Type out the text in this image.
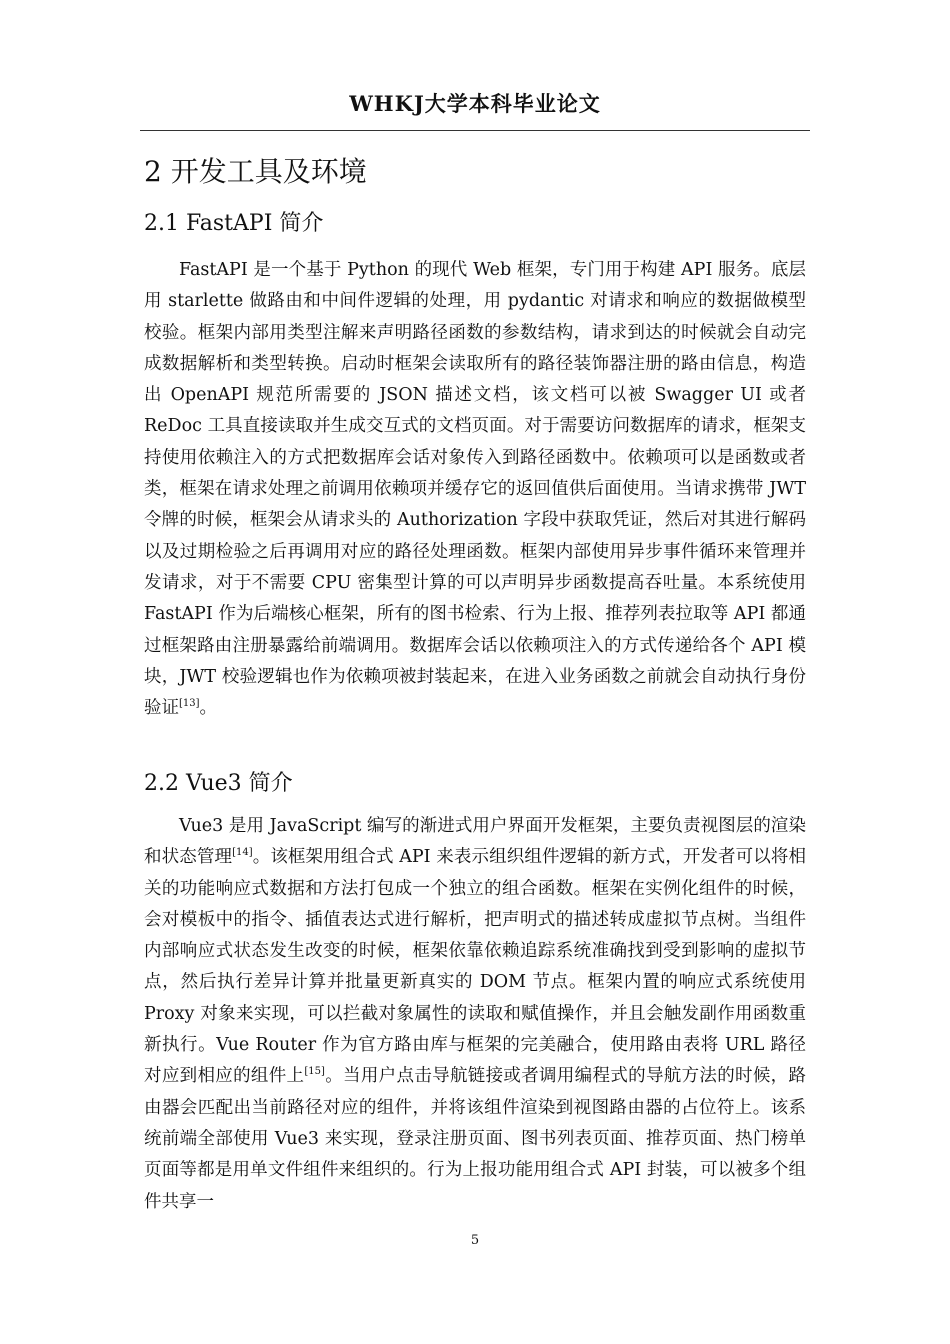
WHKJ大学本科毕业论文
2 开发工具及环境
2.1 FastAPI 简介

FastAPI 是一个基于 Python 的现代 Web 框架，专门用于构建 API 服务。底层用 starlette 做路由和中间件逻辑的处理，用 pydantic 对请求和响应的数据做模型校验。框架内部用类型注解来声明路径函数的参数结构，请求到达的时候就会自动完成数据解析和类型转换。启动时框架会读取所有的路径装饰器注册的路由信息，构造出 OpenAPI 规范所需要的 JSON 描述文档，该文档可以被 Swagger UI 或者 ReDoc 工具直接读取并生成交互式的文档页面。对于需要访问数据库的请求，框架支持使用依赖注入的方式把数据库会话对象传入到路径函数中。依赖项可以是函数或者类，框架在请求处理之前调用依赖项并缓存它的返回值供后面使用。当请求携带 JWT 令牌的时候，框架会从请求头的 Authorization 字段中获取凭证，然后对其进行解码以及过期检验之后再调用对应的路径处理函数。框架内部使用异步事件循环来管理并发请求，对于不需要 CPU 密集型计算的可以声明异步函数提高吞吐量。本系统使用 FastAPI 作为后端核心框架，所有的图书检索、行为上报、推荐列表拉取等 API 都通过框架路由注册暴露给前端调用。数据库会话以依赖项注入的方式传递给各个 API 模块，JWT 校验逻辑也作为依赖项被封装起来，在进入业务函数之前就会自动执行身份验证[13]。

2.2 Vue3 简介

Vue3 是用 JavaScript 编写的渐进式用户界面开发框架，主要负责视图层的渲染和状态管理[14]。该框架用组合式 API 来表示组织组件逻辑的新方式，开发者可以将相关的功能响应式数据和方法打包成一个独立的组合函数。框架在实例化组件的时候，会对模板中的指令、插值表达式进行解析，把声明式的描述转成虚拟节点树。当组件内部响应式状态发生改变的时候，框架依靠依赖追踪系统准确找到受到影响的虚拟节点，然后执行差异计算并批量更新真实的 DOM 节点。框架内置的响应式系统使用 Proxy 对象来实现，可以拦截对象属性的读取和赋值操作，并且会触发副作用函数重新执行。Vue Router 作为官方路由库与框架的完美融合，使用路由表将 URL 路径对应到相应的组件上[15]。当用户点击导航链接或者调用编程式的导航方法的时候，路由器会匹配出当前路径对应的组件，并将该组件渲染到视图路由器的占位符上。该系统前端全部使用 Vue3 来实现，登录注册页面、图书列表页面、推荐页面、热门榜单页面等都是用单文件组件来组织的。行为上报功能用组合式 API 封装，可以被多个组件共享一

5
